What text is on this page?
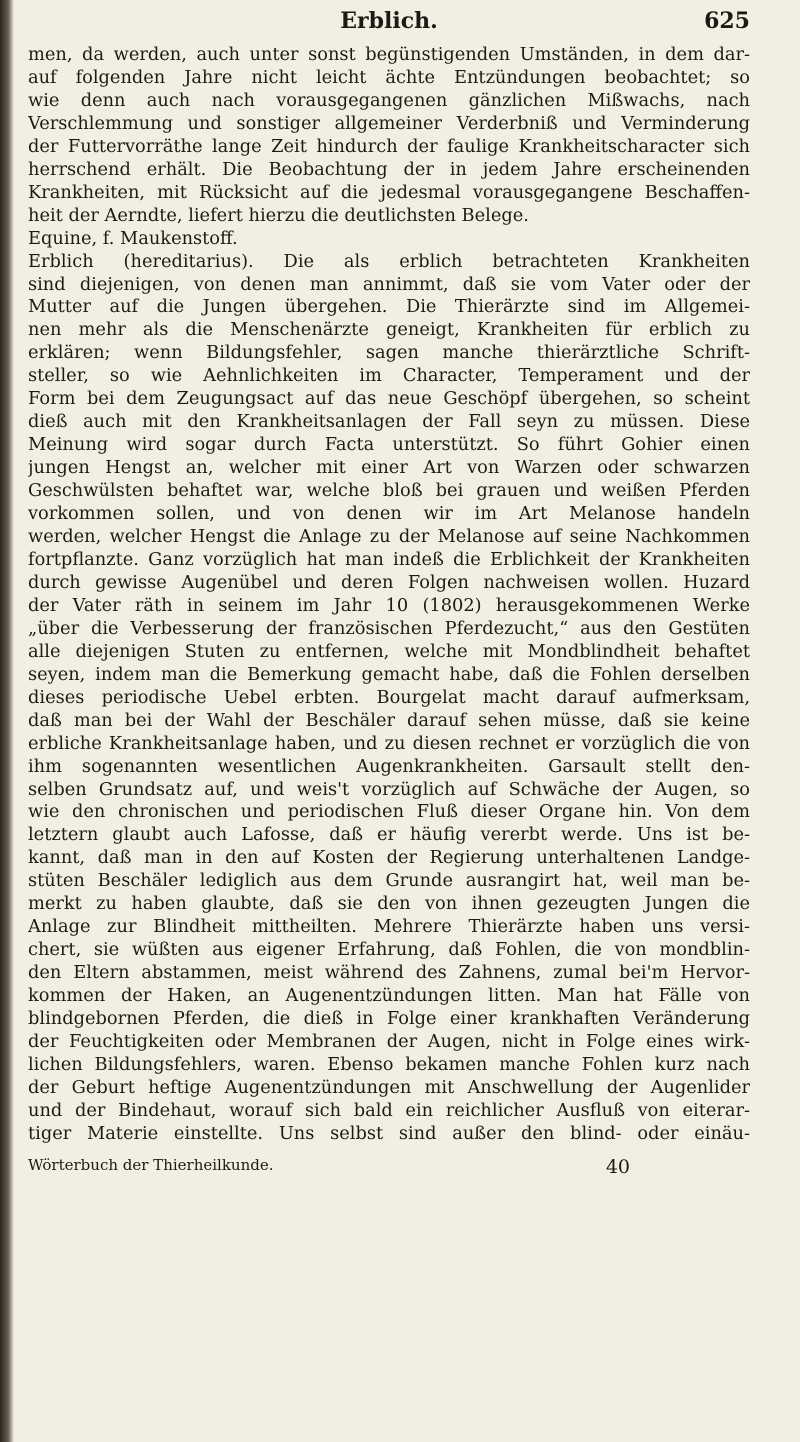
Erblich.	625
men, da werden, auch unter sonst begünstigenden Umständen, in dem dar-
auf folgenden Jahre nicht leicht ächte Entzündungen beobachtet; so
wie denn auch nach vorausgegangenen gänzlichen Mißwachs, nach
Verschlemmung und sonstiger allgemeiner Verderbniß und Verminderung
der Futtervorräthe lange Zeit hindurch der faulige Krankheitscharacter sich
herrschend erhält. Die Beobachtung der in jedem Jahre erscheinenden
Krankheiten, mit Rücksicht auf die jedesmal vorausgegangene Beschaffen-
heit der Aerndte, liefert hierzu die deutlichsten Belege.
Equine, f. Maukenstoff.
Erblich (hereditarius). Die als erblich betrachteten Krankheiten
sind diejenigen, von denen man annimmt, daß sie vom Vater oder der
Mutter auf die Jungen übergehen. Die Thierärzte sind im Allgemei-
nen mehr als die Menschenärzte geneigt, Krankheiten für erblich zu
erklären; wenn Bildungsfehler, sagen manche thierärztliche Schrift-
steller, so wie Aehnlichkeiten im Character, Temperament und der
Form bei dem Zeugungsact auf das neue Geschöpf übergehen, so scheint
dieß auch mit den Krankheitsanlagen der Fall seyn zu müssen. Diese
Meinung wird sogar durch Facta unterstützt. So führt Gohier einen
jungen Hengst an, welcher mit einer Art von Warzen oder schwarzen
Geschwülsten behaftet war, welche bloß bei grauen und weißen Pferden
vorkommen sollen, und von denen wir im Art Melanose handeln
werden, welcher Hengst die Anlage zu der Melanose auf seine Nachkommen
fortpflanzte. Ganz vorzüglich hat man indeß die Erblichkeit der Krankheiten
durch gewisse Augenübel und deren Folgen nachweisen wollen. Huzard
der Vater räth in seinem im Jahr 10 (1802) herausgekommenen Werke
„über die Verbesserung der französischen Pferdezucht,“ aus den Gestüten
alle diejenigen Stuten zu entfernen, welche mit Mondblindheit behaftet
seyen, indem man die Bemerkung gemacht habe, daß die Fohlen derselben
dieses periodische Uebel erbten. Bourgelat macht darauf aufmerksam,
daß man bei der Wahl der Beschäler darauf sehen müsse, daß sie keine
erbliche Krankheitsanlage haben, und zu diesen rechnet er vorzüglich die von
ihm sogenannten wesentlichen Augenkrankheiten. Garsault stellt den-
selben Grundsatz auf, und weis't vorzüglich auf Schwäche der Augen, so
wie den chronischen und periodischen Fluß dieser Organe hin. Von dem
letztern glaubt auch Lafosse, daß er häufig vererbt werde. Uns ist be-
kannt, daß man in den auf Kosten der Regierung unterhaltenen Landge-
stüten Beschäler lediglich aus dem Grunde ausrangirt hat, weil man be-
merkt zu haben glaubte, daß sie den von ihnen gezeugten Jungen die
Anlage zur Blindheit mittheilten. Mehrere Thierärzte haben uns versi-
chert, sie wüßten aus eigener Erfahrung, daß Fohlen, die von mondblin-
den Eltern abstammen, meist während des Zahnens, zumal bei'm Hervor-
kommen der Haken, an Augenentzündungen litten. Man hat Fälle von
blindgebornen Pferden, die dieß in Folge einer krankhaften Veränderung
der Feuchtigkeiten oder Membranen der Augen, nicht in Folge eines wirk-
lichen Bildungsfehlers, waren. Ebenso bekamen manche Fohlen kurz nach
der Geburt heftige Augenentzündungen mit Anschwellung der Augenlider
und der Bindehaut, worauf sich bald ein reichlicher Ausfluß von eiterar-
tiger Materie einstellte. Uns selbst sind außer den blind- oder einäu-
Wörterbuch der Thierheilkunde.	40
